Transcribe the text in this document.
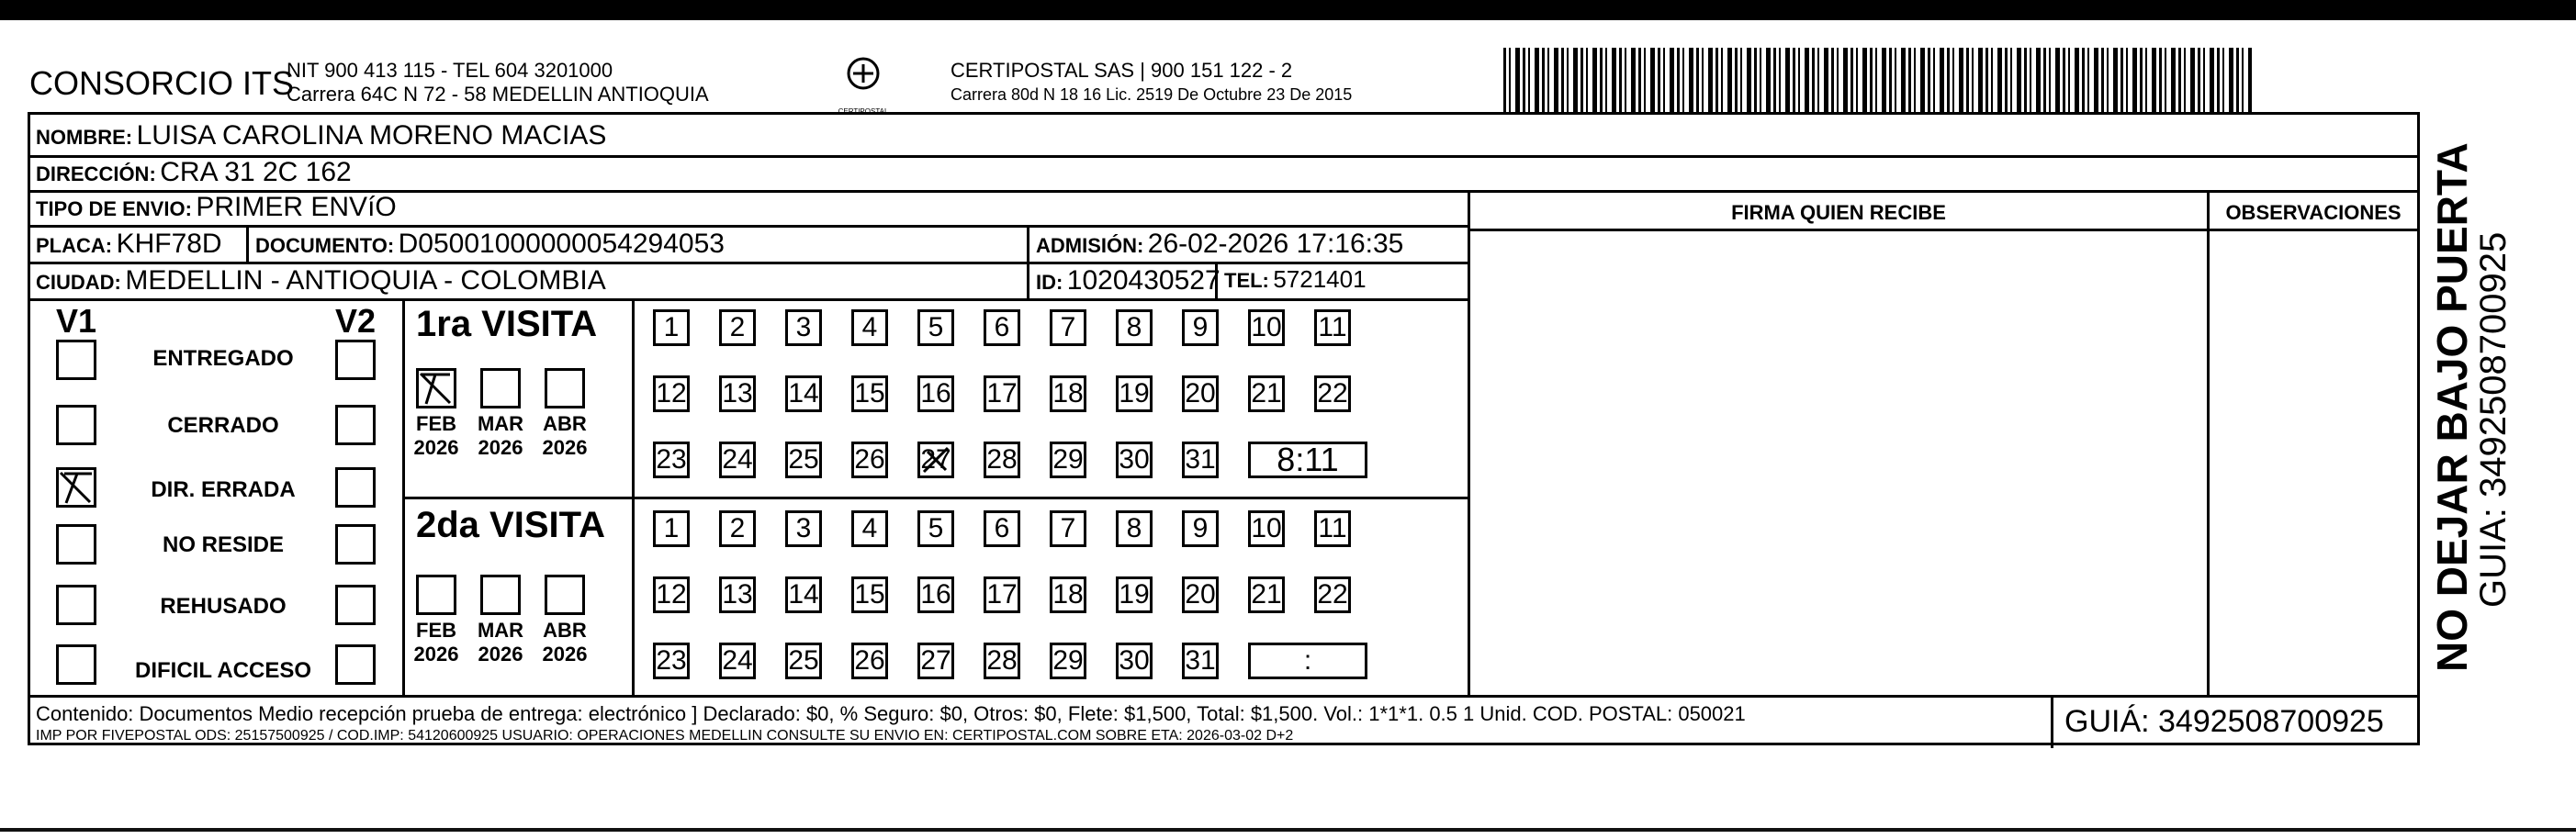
CONSORCIO ITS
NIT 900 413 115 - TEL 604 3201000
Carrera 64C N 72 - 58 MEDELLIN ANTIOQUIA
CERTIPOSTAL
CERTIPOSTAL SAS | 900 151 122 - 2
Carrera 80d N 18 16 Lic. 2519 De Octubre 23 De 2015
NOMBRE: LUISA CAROLINA MORENO MACIAS
DIRECCIÓN: CRA 31 2C 162
TIPO DE ENVIO: PRIMER ENVíO	FIRMA QUIEN RECIBE	OBSERVACIONES
PLACA: KHF78D DOCUMENTO: D05001000000054294053	ADMISIÓN: 26-02-2026 17:16:35
CIUDAD: MEDELLIN - ANTIOQUIA - COLOMBIA	ID: 1020430527 TEL: 5721401
V1	V2
ENTREGADO
CERRADO
DIR. ERRADA
NO RESIDE
REHUSADO
DIFICIL ACCESO
1ra VISITA
FEB
2026
MAR
2026
ABR
2026
2da VISITA
FEB
2026
MAR
2026
ABR
2026
1	2	3	4	5	6	7	8	9	10 11
12 13 14 15 16 17 18 19 20 21 22
23 24 25 26 27 28 29 30 31	8:11
1	2	3	4	5	6	7	8	9	10 11
12 13 14 15 16 17 18 19 20 21 22
23 24 25 26 27 28 29 30 31	:
Contenido: Documentos Medio recepción prueba de entrega: electrónico ] Declarado: $0, % Seguro: $0, Otros: $0, Flete: $1,500, Total: $1,500. Vol.: 1*1*1. 0.5 1 Unid. COD. POSTAL: 050021
IMP POR FIVEPOSTAL ODS: 25157500925 / COD.IMP: 54120600925 USUARIO: OPERACIONES MEDELLIN CONSULTE SU ENVIO EN: CERTIPOSTAL.COM SOBRE ETA: 2026-03-02 D+2	GUIÁ: 3492508700925
NO DEJAR BAJO PUERTA
GUIA: 3492508700925
